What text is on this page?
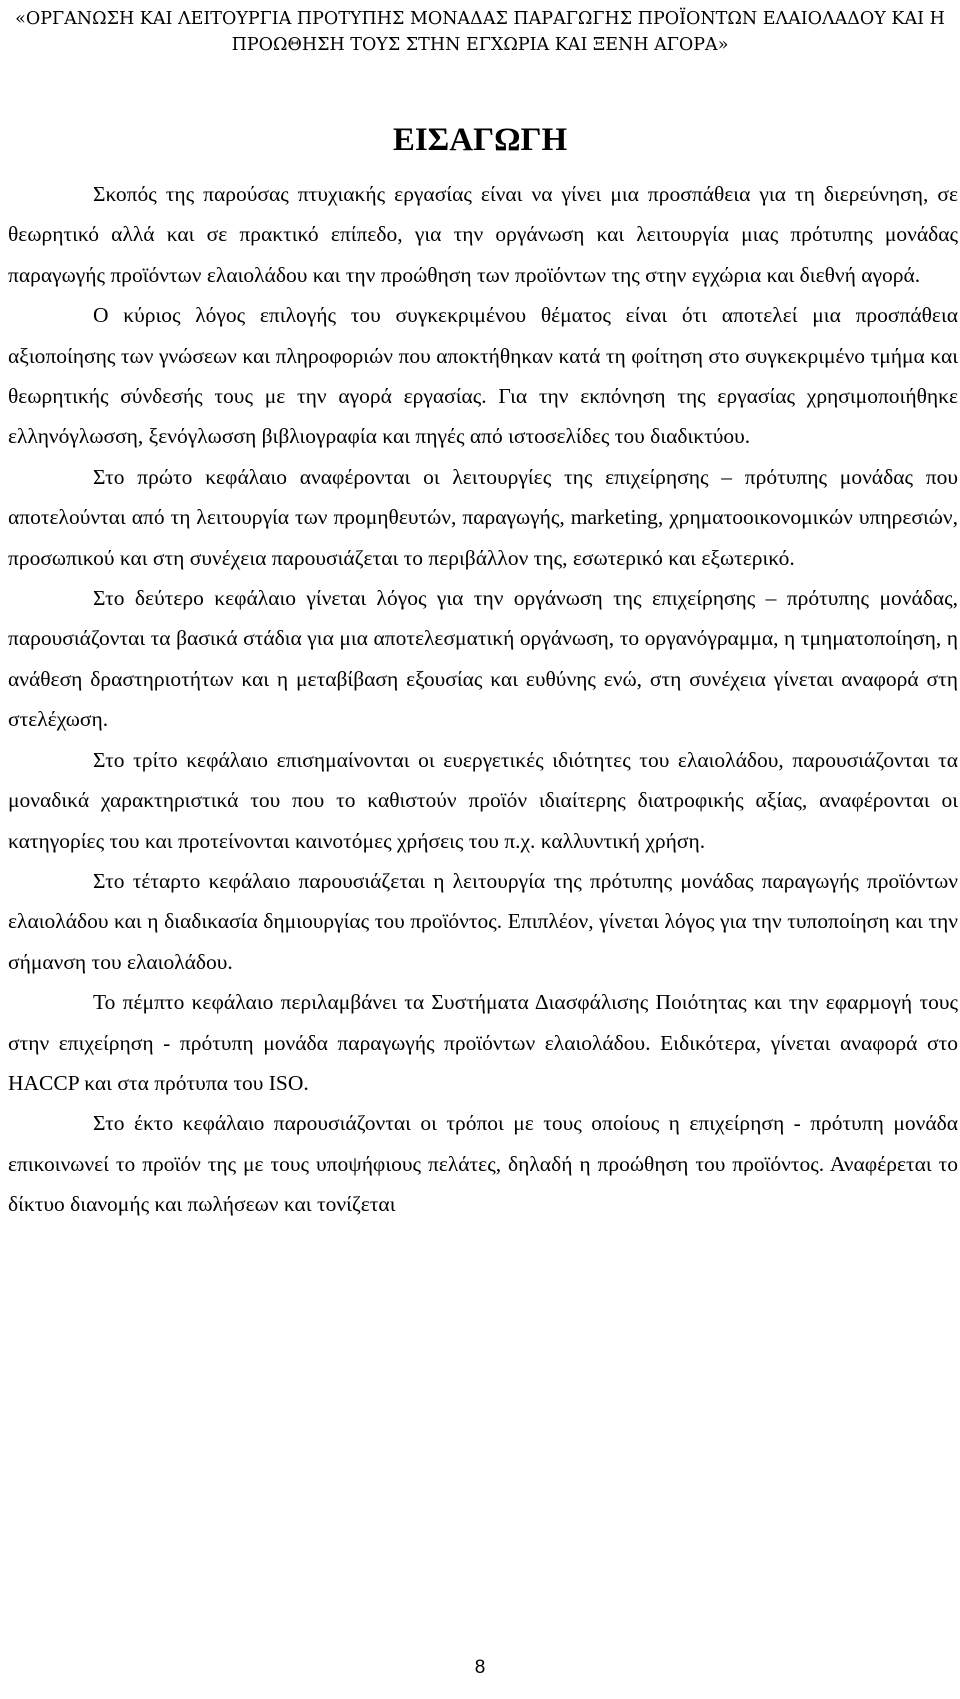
«ΟΡΓΑΝΩΣΗ ΚΑΙ ΛΕΙΤΟΥΡΓΙΑ ΠΡΟΤΥΠΗΣ ΜΟΝΑΔΑΣ ΠΑΡΑΓΩΓΗΣ ΠΡΟΪΟΝΤΩΝ ΕΛΑΙΟΛΑΔΟΥ ΚΑΙ Η
ΠΡΟΩΘΗΣΗ ΤΟΥΣ ΣΤΗΝ ΕΓΧΩΡΙΑ ΚΑΙ ΞΕΝΗ ΑΓΟΡΑ»
ΕΙΣΑΓΩΓΗ

Σκοπός της παρούσας πτυχιακής εργασίας είναι να γίνει μια προσπάθεια για τη διερεύνηση, σε θεωρητικό αλλά και σε πρακτικό επίπεδο, για την οργάνωση και λειτουργία μιας πρότυπης μονάδας παραγωγής προϊόντων ελαιολάδου και την προώθηση των προϊόντων της στην εγχώρια και διεθνή αγορά.

Ο κύριος λόγος επιλογής του συγκεκριμένου θέματος είναι ότι αποτελεί μια προσπάθεια αξιοποίησης των γνώσεων και πληροφοριών που αποκτήθηκαν κατά τη φοίτηση στο συγκεκριμένο τμήμα και θεωρητικής σύνδεσής τους με την αγορά εργασίας. Για την εκπόνηση της εργασίας χρησιμοποιήθηκε ελληνόγλωσση, ξενόγλωσση βιβλιογραφία και πηγές από ιστοσελίδες του διαδικτύου.

Στο πρώτο κεφάλαιο αναφέρονται οι λειτουργίες της επιχείρησης – πρότυπης μονάδας που αποτελούνται από τη λειτουργία των προμηθευτών, παραγωγής, marketing, χρηματοοικονομικών υπηρεσιών, προσωπικού και στη συνέχεια παρουσιάζεται το περιβάλλον της, εσωτερικό και εξωτερικό.

Στο δεύτερο κεφάλαιο γίνεται λόγος για την οργάνωση της επιχείρησης – πρότυπης μονάδας, παρουσιάζονται τα βασικά στάδια για μια αποτελεσματική οργάνωση, το οργανόγραμμα, η τμηματοποίηση, η ανάθεση δραστηριοτήτων και η μεταβίβαση εξουσίας και ευθύνης ενώ, στη συνέχεια γίνεται αναφορά στη στελέχωση.

Στο τρίτο κεφάλαιο επισημαίνονται οι ευεργετικές ιδιότητες του ελαιολάδου, παρουσιάζονται τα μοναδικά χαρακτηριστικά του που το καθιστούν προϊόν ιδιαίτερης διατροφικής αξίας, αναφέρονται οι κατηγορίες του και προτείνονται καινοτόμες χρήσεις του π.χ. καλλυντική χρήση.

Στο τέταρτο κεφάλαιο παρουσιάζεται η λειτουργία της πρότυπης μονάδας παραγωγής προϊόντων ελαιολάδου και η διαδικασία δημιουργίας του προϊόντος. Επιπλέον, γίνεται λόγος για την τυποποίηση και την σήμανση του ελαιολάδου.

Το πέμπτο κεφάλαιο περιλαμβάνει τα Συστήματα Διασφάλισης Ποιότητας και την εφαρμογή τους στην επιχείρηση - πρότυπη μονάδα παραγωγής προϊόντων ελαιολάδου. Ειδικότερα, γίνεται αναφορά στο HACCP και στα πρότυπα του ISO.

Στο έκτο κεφάλαιο παρουσιάζονται οι τρόποι με τους οποίους η επιχείρηση - πρότυπη μονάδα επικοινωνεί το προϊόν της με τους υποψήφιους πελάτες, δηλαδή η προώθηση του προϊόντος. Αναφέρεται το δίκτυο διανομής και πωλήσεων και τονίζεται

8
